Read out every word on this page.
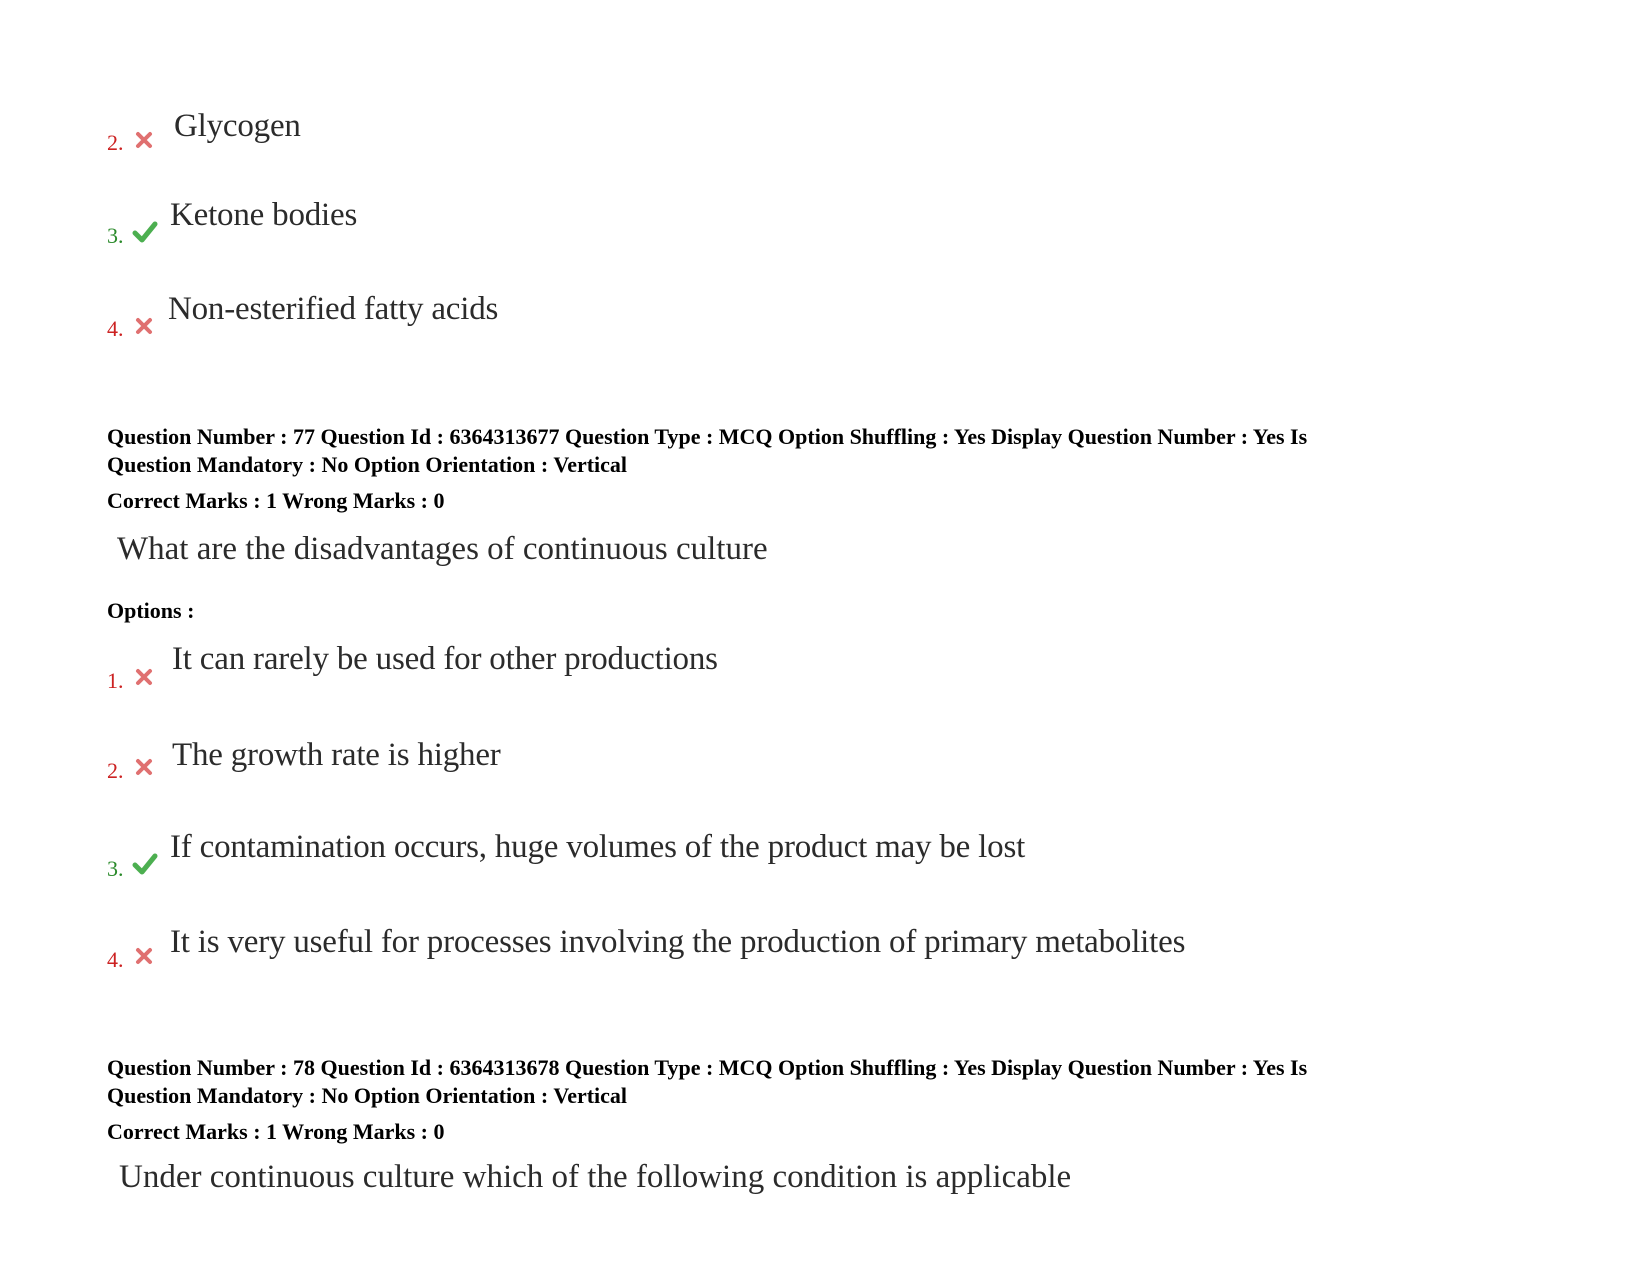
2. Glycogen
3.
Ketone bodies
4.
Non-esterified fatty acids
Question Number : 77 Question Id : 6364313677 Question Type : MCQ Option Shuffling : Yes Display Question Number : Yes Is
Question Mandatory : No Option Orientation : Vertical
Correct Marks : 1 Wrong Marks : 0
What are the disadvantages of continuous culture
Options :
1.
It can rarely be used for other productions
2. The growth rate is higher
3.
If contamination occurs, huge volumes of the product may be lost
4. It is very useful for processes involving the production of primary metabolites
Question Number : 78 Question Id : 6364313678 Question Type : MCQ Option Shuffling : Yes Display Question Number : Yes Is
Question Mandatory : No Option Orientation : Vertical
Correct Marks : 1 Wrong Marks : 0
Under continuous culture which of the following condition is applicable
